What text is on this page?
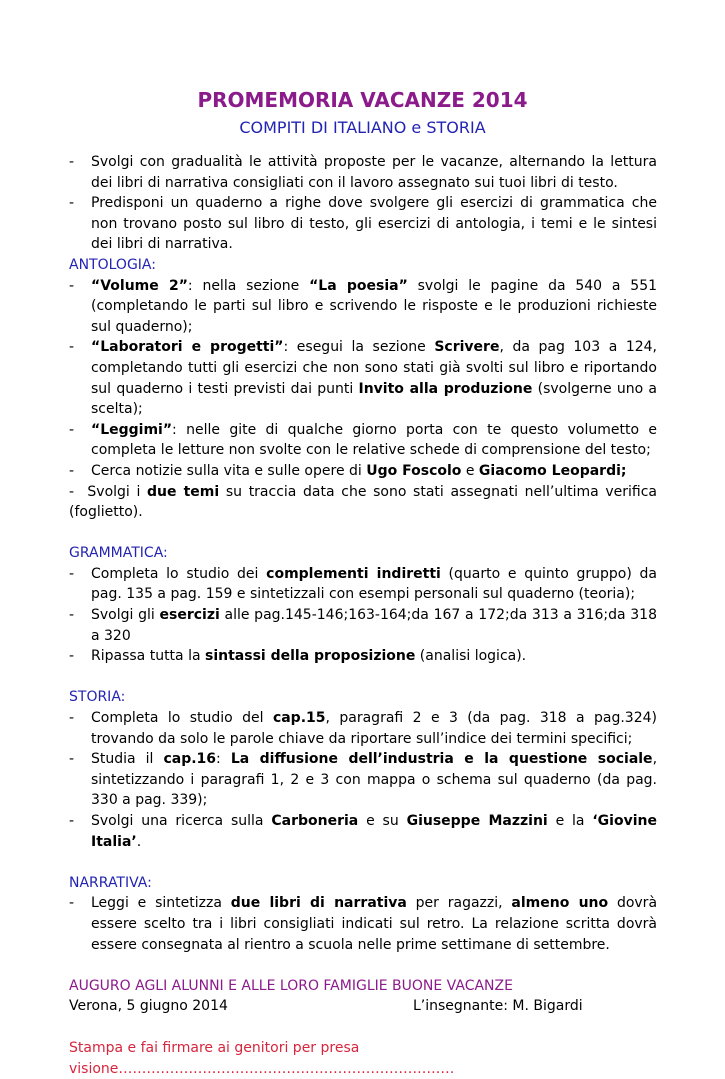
PROMEMORIA VACANZE 2014
COMPITI DI ITALIANO e STORIA
- Svolgi con gradualità le attività proposte per le vacanze, alternando la lettura dei libri di narrativa consigliati con il lavoro assegnato sui tuoi libri di testo.
- Predisponi un quaderno a righe dove svolgere gli esercizi di grammatica che non trovano posto sul libro di testo, gli esercizi di antologia, i temi e le sintesi dei libri di narrativa.
ANTOLOGIA:
- “Volume 2”: nella sezione “La poesia” svolgi le pagine da 540 a 551 (completando le parti sul libro e scrivendo le risposte e le produzioni richieste sul quaderno);
- “Laboratori e progetti”: esegui la sezione Scrivere, da pag 103 a 124, completando tutti gli esercizi che non sono stati già svolti sul libro e riportando sul quaderno i testi previsti dai punti Invito alla produzione (svolgerne uno a scelta);
- “Leggimi”: nelle gite di qualche giorno porta con te questo volumetto e completa le letture non svolte con le relative schede di comprensione del testo;
- Cerca notizie sulla vita e sulle opere di Ugo Foscolo e Giacomo Leopardi;
-  Svolgi i due temi su traccia data che sono stati assegnati nell’ultima verifica (foglietto).
GRAMMATICA:
- Completa lo studio dei complementi indiretti (quarto e quinto gruppo) da pag. 135 a pag. 159 e sintetizzali con esempi personali sul quaderno (teoria);
- Svolgi gli esercizi alle pag.145-146;163-164;da 167 a 172;da 313 a 316;da 318 a 320
- Ripassa tutta la sintassi della proposizione (analisi logica).
STORIA:
- Completa lo studio del cap.15, paragrafi 2 e 3 (da pag. 318 a pag.324) trovando da solo le parole chiave da riportare sull’indice dei termini specifici;
- Studia il cap.16: La diffusione dell’industria e la questione sociale, sintetizzando i paragrafi 1, 2 e 3 con mappa o schema sul quaderno (da pag. 330 a pag. 339);
- Svolgi una ricerca sulla Carboneria e su Giuseppe Mazzini e la ‘Giovine Italia’.
NARRATIVA:
- Leggi e sintetizza due libri di narrativa per ragazzi, almeno uno dovrà essere scelto tra i libri consigliati indicati sul retro. La relazione scritta dovrà essere consegnata al rientro a scuola nelle prime settimane di settembre.
AUGURO AGLI ALUNNI E ALLE LORO FAMIGLIE BUONE VACANZE
Verona, 5 giugno 2014	L’insegnante: M. Bigardi
Stampa e fai firmare ai genitori per presa visione………………………………………………………………
